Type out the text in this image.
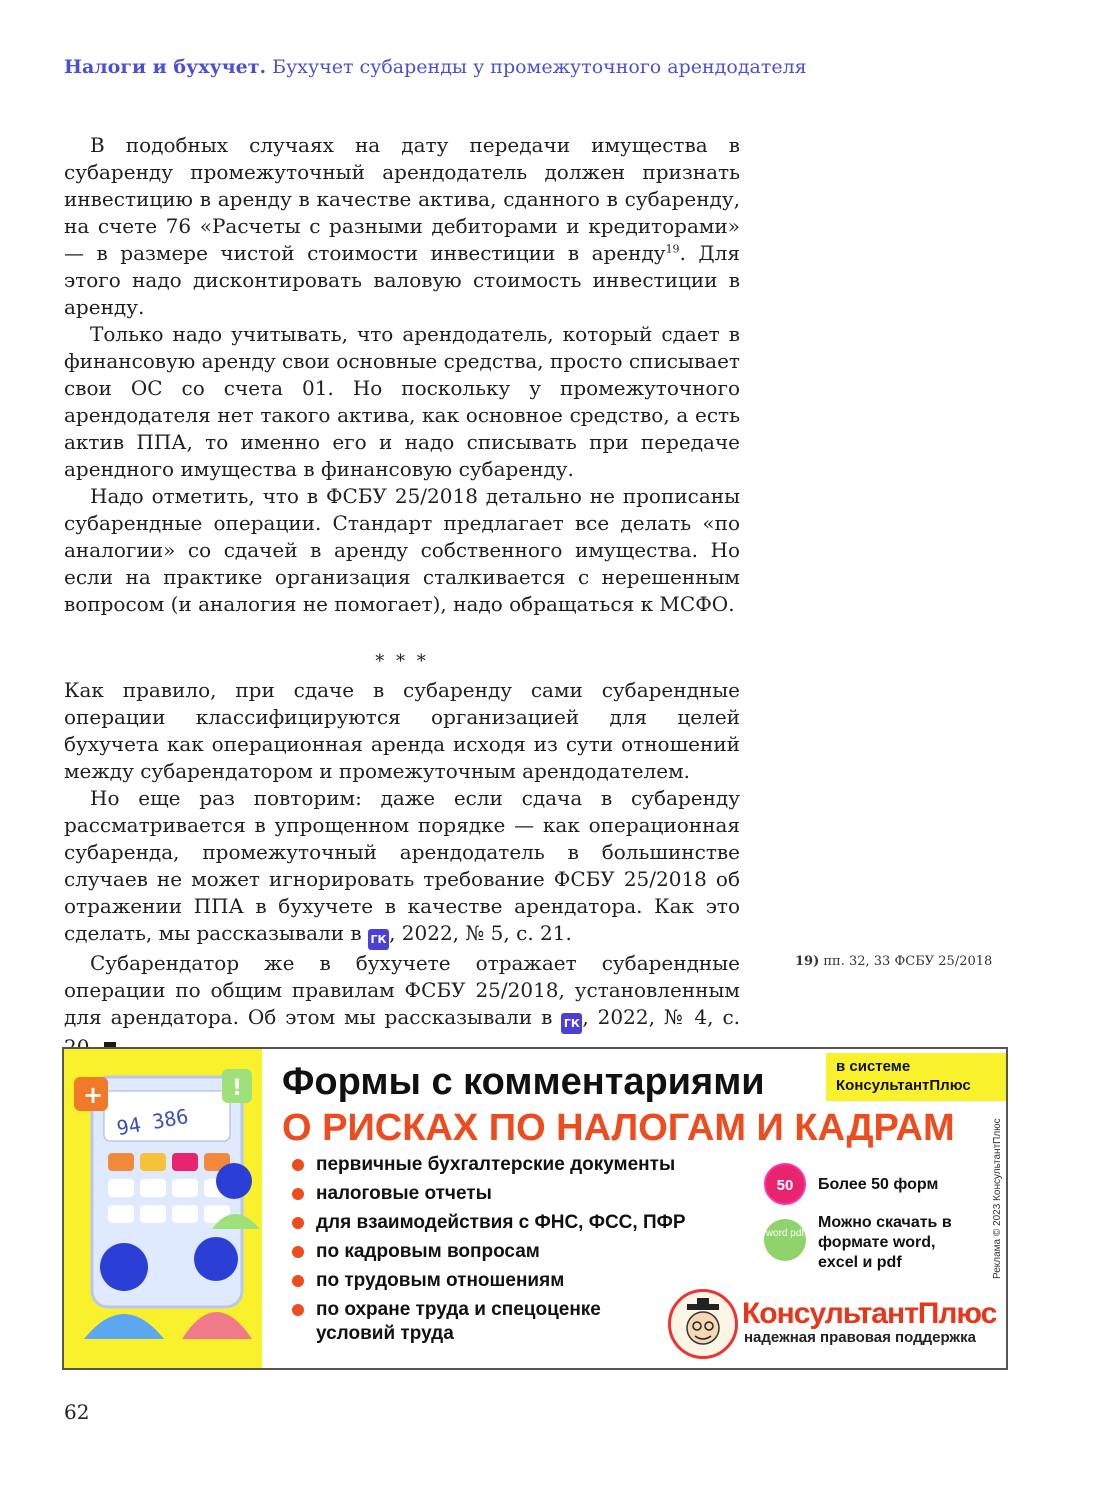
Налоги и бухучет. Бухучет субаренды у промежуточного арендодателя

В подобных случаях на дату передачи имущества в субаренду промежуточный арендодатель должен признать инвестицию в аренду в качестве актива, сданного в субаренду, на счете 76 «Расчеты с разными дебиторами и кредиторами» — в размере чистой стоимости инвестиции в аренду$^{19}$. Для этого надо дисконтировать валовую стоимость инвестиции в аренду.

Только надо учитывать, что арендодатель, который сдает в финансовую аренду свои основные средства, просто списывает свои ОС со счета 01. Но поскольку у промежуточного арендодателя нет такого актива, как основное средство, а есть актив ППА, то именно его и надо списывать при передаче арендного имущества в финансовую субаренду.

Надо отметить, что в ФСБУ 25/2018 детально не прописаны субарендные операции. Стандарт предлагает все делать «по аналогии» со сдачей в аренду собственного имущества. Но если на практике организация сталкивается с нерешенным вопросом (и аналогия не помогает), надо обращаться к МСФО.

* * *

Как правило, при сдаче в субаренду сами субарендные операции классифицируются организацией для целей бухучета как операционная аренда исходя из сути отношений между субарендатором и промежуточным арендодателем.

Но еще раз повторим: даже если сдача в субаренду рассматривается в упрощенном порядке — как операционная субаренда, промежуточный арендодатель в большинстве случаев не может игнорировать требование ФСБУ 25/2018 об отражении ППА в бухучете в качестве арендатора. Как это сделать, мы рассказывали в ГК , 2022, № 5, с. 21.

Субарендатор же в бухучете отражает субарендные операции по общим правилам ФСБУ 25/2018, установленным для арендатора. Об этом мы рассказывали в ГК , 2022, № 4, с.

19) пп. 32, 33 ФСБУ 25/2018
94 386
+	! Формы с комментариями
О РИСКАХ ПО НАЛОГАМ И КАДРАМ
в системе КонсультантПлюс
первичные бухгалтерские документы
налоговые отчеты
для взаимодействия с ФНС, ФСС, ПФР
по кадровым вопросам
по трудовым отношениям
по охране труда и спецоценке условий труда
50	Более 50 форм
word pdf
Можно скачать в формате word, excel и pdf	Реклама © 2023 КонсультантПлюс
КонсультантПлюс
надежная правовая поддержка
62
